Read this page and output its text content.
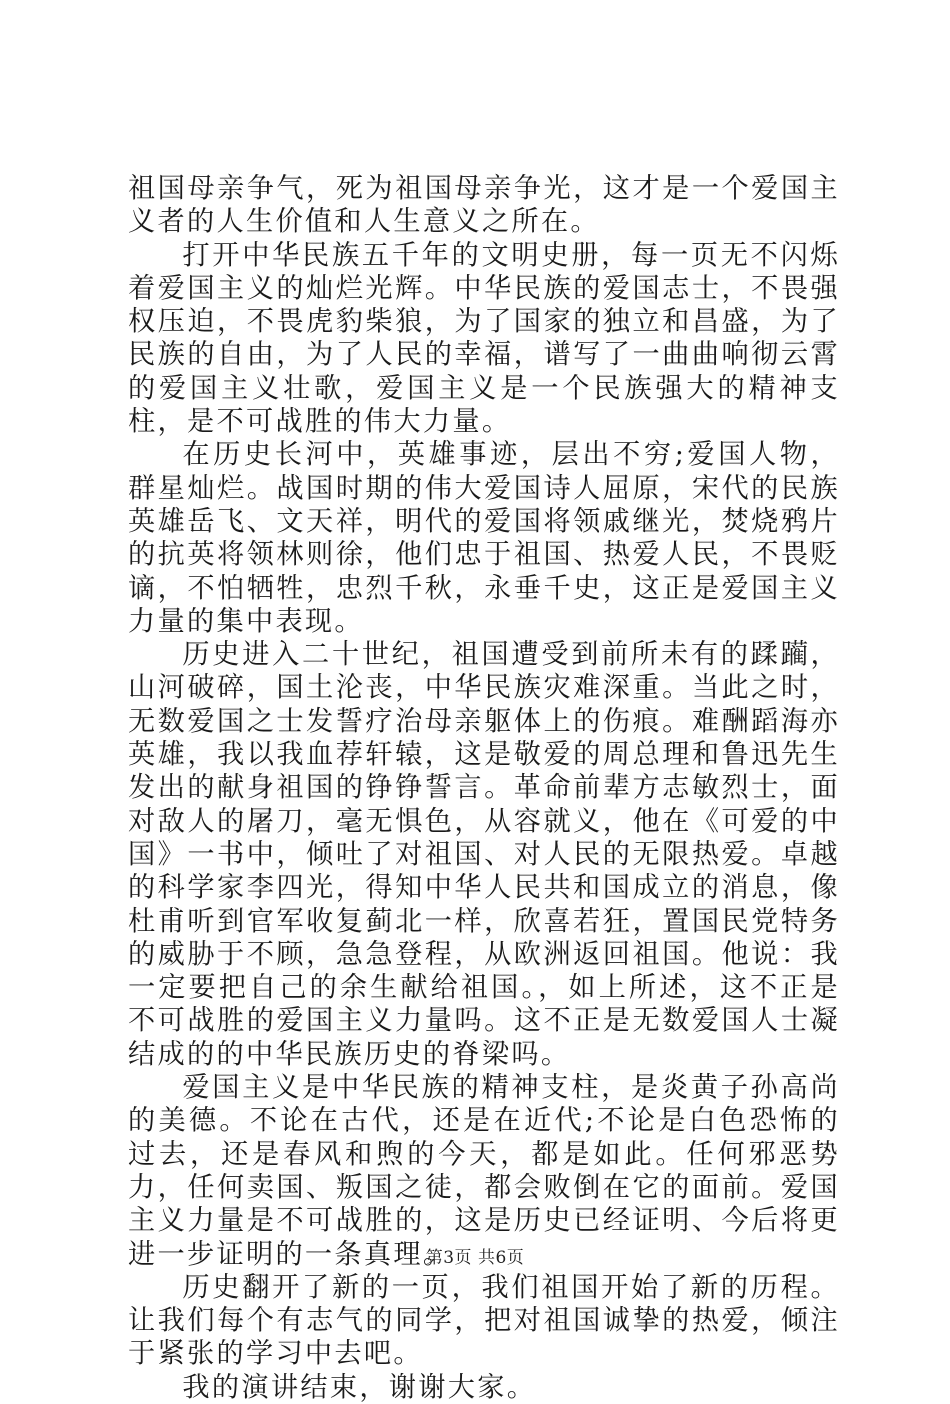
祖国母亲争气，死为祖国母亲争光，这才是一个爱国主义者的人生价值和人生意义之所在。

打开中华民族五千年的文明史册，每一页无不闪烁着爱国主义的灿烂光辉。中华民族的爱国志士，不畏强权压迫，不畏虎豹柴狼，为了国家的独立和昌盛，为了民族的自由，为了人民的幸福，谱写了一曲曲响彻云霄的爱国主义壮歌，爱国主义是一个民族强大的精神支柱，是不可战胜的伟大力量。

在历史长河中，英雄事迹，层出不穷;爱国人物，群星灿烂。战国时期的伟大爱国诗人屈原，宋代的民族英雄岳飞、文天祥，明代的爱国将领戚继光，焚烧鸦片的抗英将领林则徐，他们忠于祖国、热爱人民，不畏贬谪，不怕牺牲，忠烈千秋，永垂千史，这正是爱国主义力量的集中表现。

历史进入二十世纪，祖国遭受到前所未有的蹂躏，山河破碎，国土沦丧，中华民族灾难深重。当此之时，无数爱国之士发誓疗治母亲躯体上的伤痕。难酬蹈海亦英雄，我以我血荐轩辕，这是敬爱的周总理和鲁迅先生发出的献身祖国的铮铮誓言。革命前辈方志敏烈士，面对敌人的屠刀，毫无惧色，从容就义，他在《可爱的中国》一书中，倾吐了对祖国、对人民的无限热爱。卓越的科学家李四光，得知中华人民共和国成立的消息，像杜甫听到官军收复蓟北一样，欣喜若狂，置国民党特务的威胁于不顾，急急登程，从欧洲返回祖国。他说：我一定要把自己的余生献给祖国。，如上所述，这不正是不可战胜的爱国主义力量吗。这不正是无数爱国人士凝结成的的中华民族历史的脊梁吗。

爱国主义是中华民族的精神支柱，是炎黄子孙高尚的美德。不论在古代，还是在近代;不论是白色恐怖的过去，还是春风和煦的今天，都是如此。任何邪恶势力，任何卖国、叛国之徒，都会败倒在它的面前。爱国主义力量是不可战胜的，这是历史已经证明、今后将更进一步证明的一条真理。

历史翻开了新的一页，我们祖国开始了新的历程。让我们每个有志气的同学，把对祖国诚挚的热爱，倾注于紧张的学习中去吧。

我的演讲结束，谢谢大家。

第3页 共6页
